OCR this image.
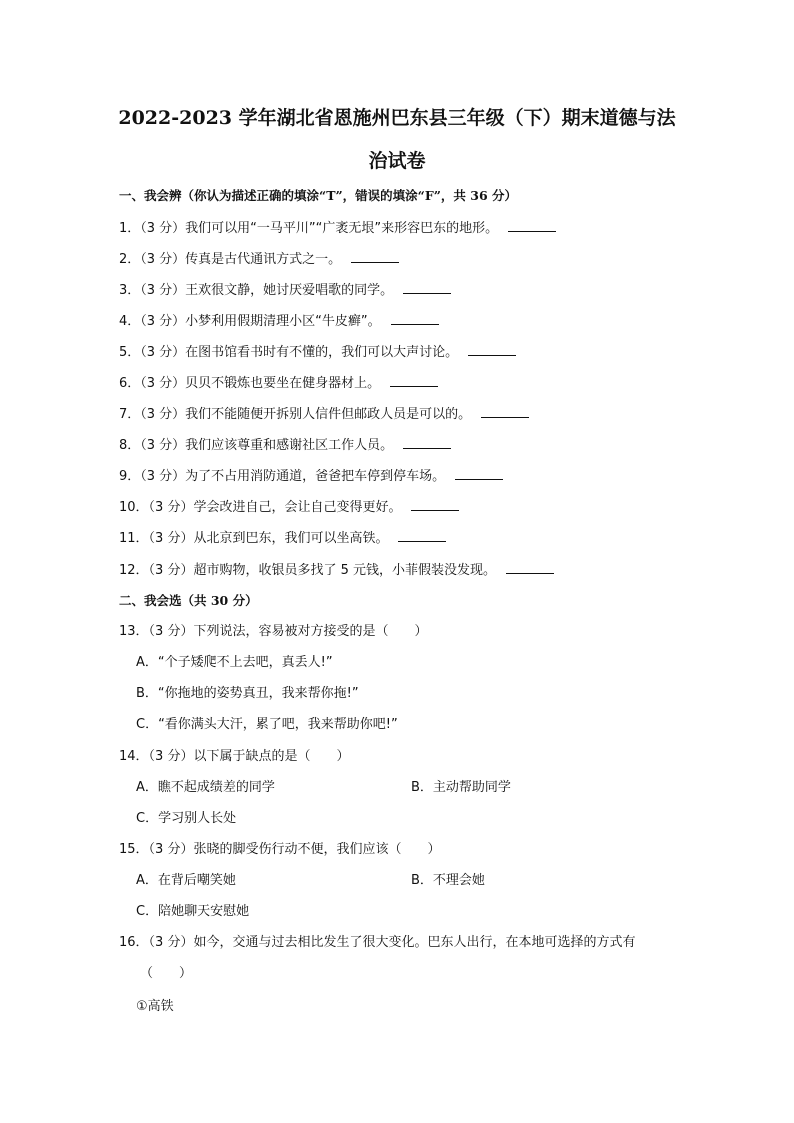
2022-2023 学年湖北省恩施州巴东县三年级（下）期末道德与法
治试卷
一、我会辨（你认为描述正确的填涂“T”，错误的填涂“F”，共 36 分）
1．（3 分）我们可以用“一马平川”“广袤无垠”来形容巴东的地形。
2．（3 分）传真是古代通讯方式之一。
3．（3 分）王欢很文静，她讨厌爱唱歌的同学。
4．（3 分）小梦利用假期清理小区“牛皮癣”。
5．（3 分）在图书馆看书时有不懂的，我们可以大声讨论。
6．（3 分）贝贝不锻炼也要坐在健身器材上。
7．（3 分）我们不能随便开拆别人信件但邮政人员是可以的。
8．（3 分）我们应该尊重和感谢社区工作人员。
9．（3 分）为了不占用消防通道，爸爸把车停到停车场。
10．（3 分）学会改进自己，会让自己变得更好。
11．（3 分）从北京到巴东，我们可以坐高铁。
12．（3 分）超市购物，收银员多找了 5 元钱，小菲假装没发现。
二、我会选（共 30 分）
13．（3 分）下列说法，容易被对方接受的是（　　）
A．“个子矮爬不上去吧，真丢人!”
B．“你拖地的姿势真丑，我来帮你拖!”
C．“看你满头大汗，累了吧，我来帮助你吧!”
14．（3 分）以下属于缺点的是（　　）
A．瞧不起成绩差的同学	B．主动帮助同学
C．学习别人长处
15．（3 分）张晓的脚受伤行动不便，我们应该（　　）
A．在背后嘲笑她	B．不理会她
C．陪她聊天安慰她
16．（3 分）如今，交通与过去相比发生了很大变化。巴东人出行，在本地可选择的方式有
（　　）
①高铁
